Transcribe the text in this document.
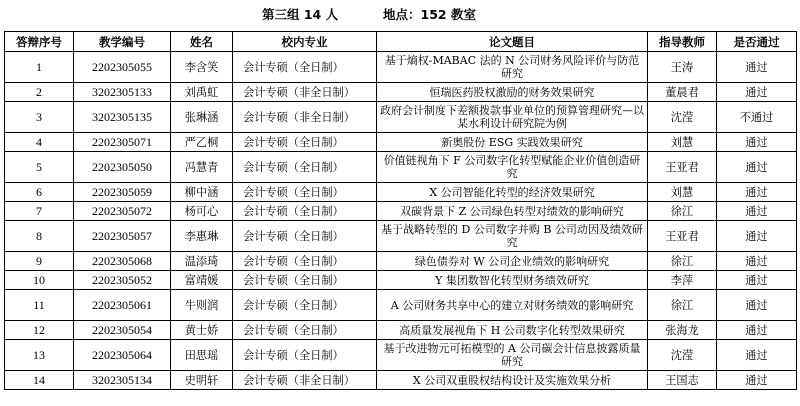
第三组 14 人	地点：152 教室
答辩序号	教学编号	姓名	校内专业	论文题目	指导教师	是否通过
1	2202305055	李含笑	会计专硕（全日制）	基于熵权-MABAC 法的 N 公司财务风险评价与防范研究	王涛	通过
2	3202305133	刘禹虹	会计专硕（非全日制）	恒瑞医药股权激励的财务效果研究	董晨君	通过
3	3202305135	张琳涵	会计专硕（非全日制）	政府会计制度下差额拨款事业单位的预算管理研究—以某水利设计研究院为例	沈滢	不通过
4	2202305071	严乙桐	会计专硕（全日制）	新奥股份 ESG 实践效果研究	刘慧	通过
5	2202305050	冯慧青	会计专硕（全日制）	价值链视角下 F 公司数字化转型赋能企业价值创造研究	王亚君	通过
6	2202305059	柳中涵	会计专硕（全日制）	X 公司智能化转型的经济效果研究	刘慧	通过
7	2202305072	杨可心	会计专硕（全日制）	双碳背景下 Z 公司绿色转型对绩效的影响研究	徐江	通过
8	2202305057	李惠琳	会计专硕（全日制）	基于战略转型的 D 公司数字并购 B 公司动因及绩效研究	王亚君	通过
9	2202305068	温添琦	会计专硕（全日制）	绿色债券对 W 公司企业绩效的影响研究	徐江	通过
10	2202305052	富靖媛	会计专硕（全日制）	Y 集团数智化转型财务绩效研究	李萍	通过
11	2202305061	牛则润	会计专硕（全日制）	A 公司财务共享中心的建立对财务绩效的影响研究	徐江	通过
12	2202305054	黄士娇	会计专硕（全日制）	高质量发展视角下 H 公司数字化转型效果研究	张海龙	通过
13	2202305064	田思瑶	会计专硕（全日制）	基于改进物元可拓模型的 A 公司碳会计信息披露质量研究	沈滢	通过
14	3202305134	史明轩	会计专硕（非全日制）	X 公司双重股权结构设计及实施效果分析	王国志	通过
